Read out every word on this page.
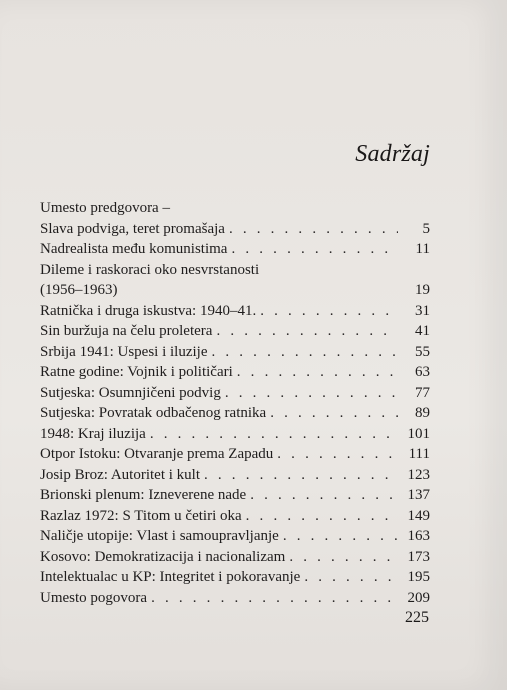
Sadržaj
Umesto predgovora –
Slava podviga, teret promašaja . . .	5
Nadrealista među komunistima . . .	11
Dileme i raskoraci oko nesvrstanosti
(1956–1963)	19
Ratnička i druga iskustva: 1940–41. . . .	31
Sin buržuja na čelu proletera . . .	41
Srbija 1941: Uspesi i iluzije . . .	55
Ratne godine: Vojnik i političari . . .	63
Sutjeska: Osumnjičeni podvig . . .	77
Sutjeska: Povratak odbačenog ratnika . . .	89
1948: Kraj iluzija . . .	101
Otpor Istoku: Otvaranje prema Zapadu . . .	111
Josip Broz: Autoritet i kult . . .	123
Brionski plenum: Izneverene nade . . .	137
Razlaz 1972: S Titom u četiri oka . . .	149
Naličje utopije: Vlast i samoupravljanje . . .	163
Kosovo: Demokratizacija i nacionalizam . . .	173
Intelektualac u KP: Integritet i pokoravanje . . .	195
Umesto pogovora . . .	209
225
